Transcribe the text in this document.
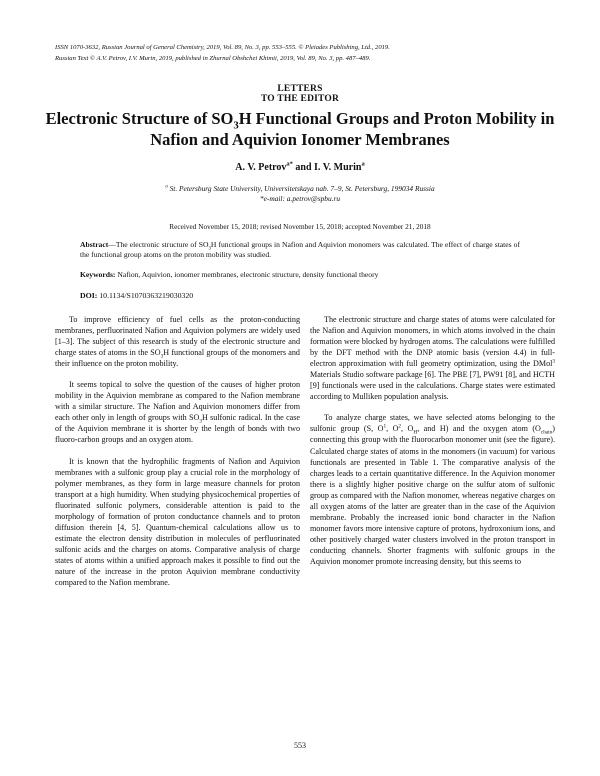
ISSN 1070-3632, Russian Journal of General Chemistry, 2019, Vol. 89, No. 3, pp. 553–555. © Pleiades Publishing, Ltd., 2019.
Russian Text © A.V. Petrov, I.V. Murin, 2019, published in Zhurnal Obshchei Khimii, 2019, Vol. 89, No. 3, pp. 487–489.
LETTERS
TO THE EDITOR
Electronic Structure of $SO_3H$ Functional Groups and Proton Mobility in Nafion and Aquivion Ionomer Membranes
A. V. Petrov$^{a*}$ and I. V. Murin$^a$
$^a$ St. Petersburg State University, Universitetskaya nab. 7–9, St. Petersburg, 199034 Russia
*e-mail: a.petrov@spbu.ru
Received November 15, 2018; revised November 15, 2018; accepted November 21, 2018
Abstract—The electronic structure of $SO_3H$ functional groups in Nafion and Aquivion monomers was calculated. The effect of charge states of the functional group atoms on the proton mobility was studied.
Keywords: Nafion, Aquivion, ionomer membranes, electronic structure, density functional theory
DOI: 10.1134/S1070363219030320

To improve efficiency of fuel cells as the proton-conducting membranes, perfluorinated Nafion and Aquivion polymers are widely used [1–3]. The subject of this research is study of the electronic structure and charge states of atoms in the $SO_3H$ functional groups of the monomers and their influence on the proton mobility.

It seems topical to solve the question of the causes of higher proton mobility in the Aquivion membrane as compared to the Nafion membrane with a similar structure. The Nafion and Aquivion monomers differ from each other only in length of groups with $SO_3H$ sulfonic radical. In the case of the Aquivion membrane it is shorter by the length of bonds with two fluoro-carbon groups and an oxygen atom.

It is known that the hydrophilic fragments of Nafion and Aquivion membranes with a sulfonic group play a crucial role in the morphology of polymer membranes, as they form in large measure channels for proton transport at a high humidity. When studying physicochemical properties of fluorinated sulfonic polymers, considerable attention is paid to the morphology of formation of proton conductance channels and to proton diffusion therein [4, 5]. Quantum-chemical calculations allow us to estimate the electron density distribution in molecules of perfluorinated sulfonic acids and the charges on atoms. Comparative analysis of charge states of atoms within a unified approach makes it possible to find out the nature of the increase in the proton Aquivion membrane conductivity compared to the Nafion membrane.

The electronic structure and charge states of atoms were calculated for the Nafion and Aquivion monomers, in which atoms involved in the chain formation were blocked by hydrogen atoms. The calculations were fulfilled by the DFT method with the DNP atomic basis (version 4.4) in full-electron approximation with full geometry optimization, using the DMol$^3$ Materials Studio software package [6]. The PBE [7], PW91 [8], and HCTH [9] functionals were used in the calculations. Charge states were estimated according to Mulliken population analysis.

To analyze charge states, we have selected atoms belonging to the sulfonic group (S, $O^1$, $O^2$, $O_H$, and H) and the oxygen atom $(O_{chain})$ connecting this group with the fluorocarbon monomer unit (see the figure). Calculated charge states of atoms in the monomers (in vacuum) for various functionals are presented in Table 1. The comparative analysis of the charges leads to a certain quantitative difference. In the Aquivion monomer there is a slightly higher positive charge on the sulfur atom of sulfonic group as compared with the Nafion monomer, whereas negative charges on all oxygen atoms of the latter are greater than in the case of the Aquivion membrane. Probably the increased ionic bond character in the Nafion monomer favors more intensive capture of protons, hydroxonium ions, and other positively charged water clusters involved in the proton transport in conducting channels. Shorter fragments with sulfonic groups in the Aquivion monomer promote increasing density, but this seems to

553
